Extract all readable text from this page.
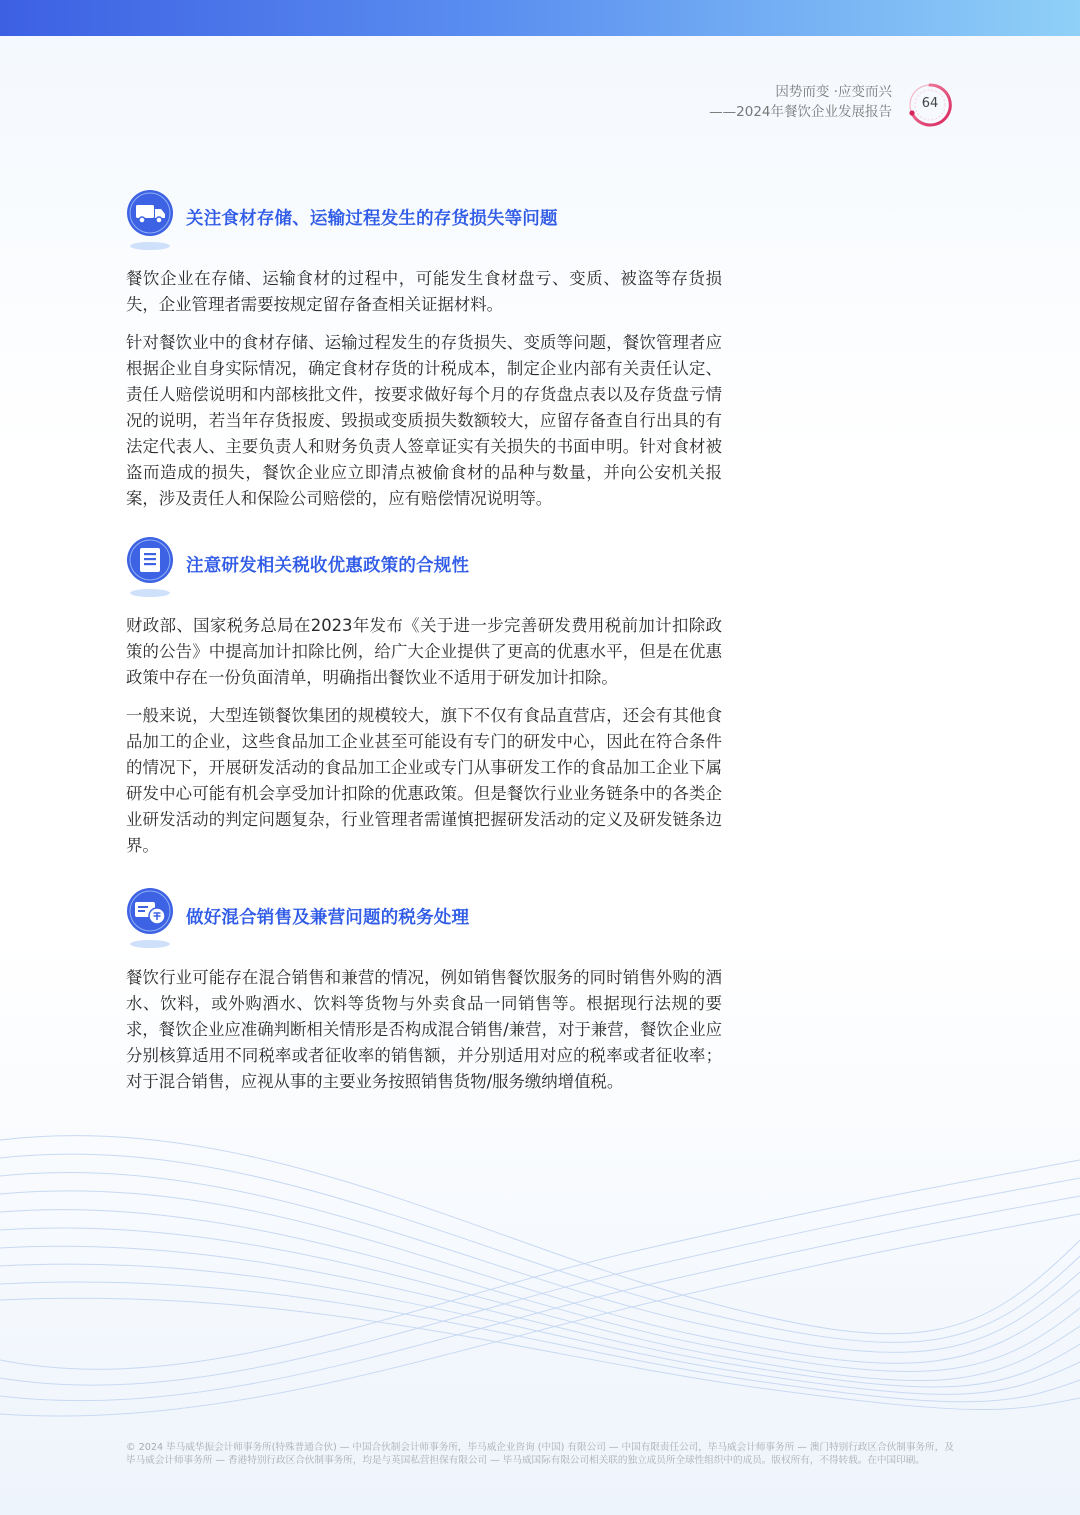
因势而变 ·应变而兴
——2024年餐饮企业发展报告
64
关注食材存储、运输过程发生的存货损失等问题

餐饮企业在存储、运输食材的过程中，可能发生食材盘亏、变质、被盗等存货损失，企业管理者需要按规定留存备查相关证据材料。

针对餐饮业中的食材存储、运输过程发生的存货损失、变质等问题，餐饮管理者应根据企业自身实际情况，确定食材存货的计税成本，制定企业内部有关责任认定、责任人赔偿说明和内部核批文件，按要求做好每个月的存货盘点表以及存货盘亏情况的说明，若当年存货报废、毁损或变质损失数额较大，应留存备查自行出具的有法定代表人、主要负责人和财务负责人签章证实有关损失的书面申明。针对食材被盗而造成的损失，餐饮企业应立即清点被偷食材的品种与数量，并向公安机关报案，涉及责任人和保险公司赔偿的，应有赔偿情况说明等。

注意研发相关税收优惠政策的合规性

财政部、国家税务总局在2023年发布《关于进一步完善研发费用税前加计扣除政策的公告》中提高加计扣除比例，给广大企业提供了更高的优惠水平，但是在优惠政策中存在一份负面清单，明确指出餐饮业不适用于研发加计扣除。

一般来说，大型连锁餐饮集团的规模较大，旗下不仅有食品直营店，还会有其他食品加工的企业，这些食品加工企业甚至可能设有专门的研发中心，因此在符合条件的情况下，开展研发活动的食品加工企业或专门从事研发工作的食品加工企业下属研发中心可能有机会享受加计扣除的优惠政策。但是餐饮行业业务链条中的各类企业研发活动的判定问题复杂，行业管理者需谨慎把握研发活动的定义及研发链条边界。

做好混合销售及兼营问题的税务处理

餐饮行业可能存在混合销售和兼营的情况，例如销售餐饮服务的同时销售外购的酒水、饮料，或外购酒水、饮料等货物与外卖食品一同销售等。根据现行法规的要求，餐饮企业应准确判断相关情形是否构成混合销售/兼营，对于兼营，餐饮企业应分别核算适用不同税率或者征收率的销售额，并分别适用对应的税率或者征收率；对于混合销售，应视从事的主要业务按照销售货物/服务缴纳增值税。

© 2024 毕马威华振会计师事务所(特殊普通合伙) — 中国合伙制会计师事务所，毕马威企业咨询 (中国) 有限公司 — 中国有限责任公司，毕马威会计师事务所 — 澳门特别行政区合伙制事务所，及毕马威会计师事务所 — 香港特别行政区合伙制事务所，均是与英国私营担保有限公司 — 毕马威国际有限公司相关联的独立成员所全球性组织中的成员。版权所有，不得转载。在中国印刷。
